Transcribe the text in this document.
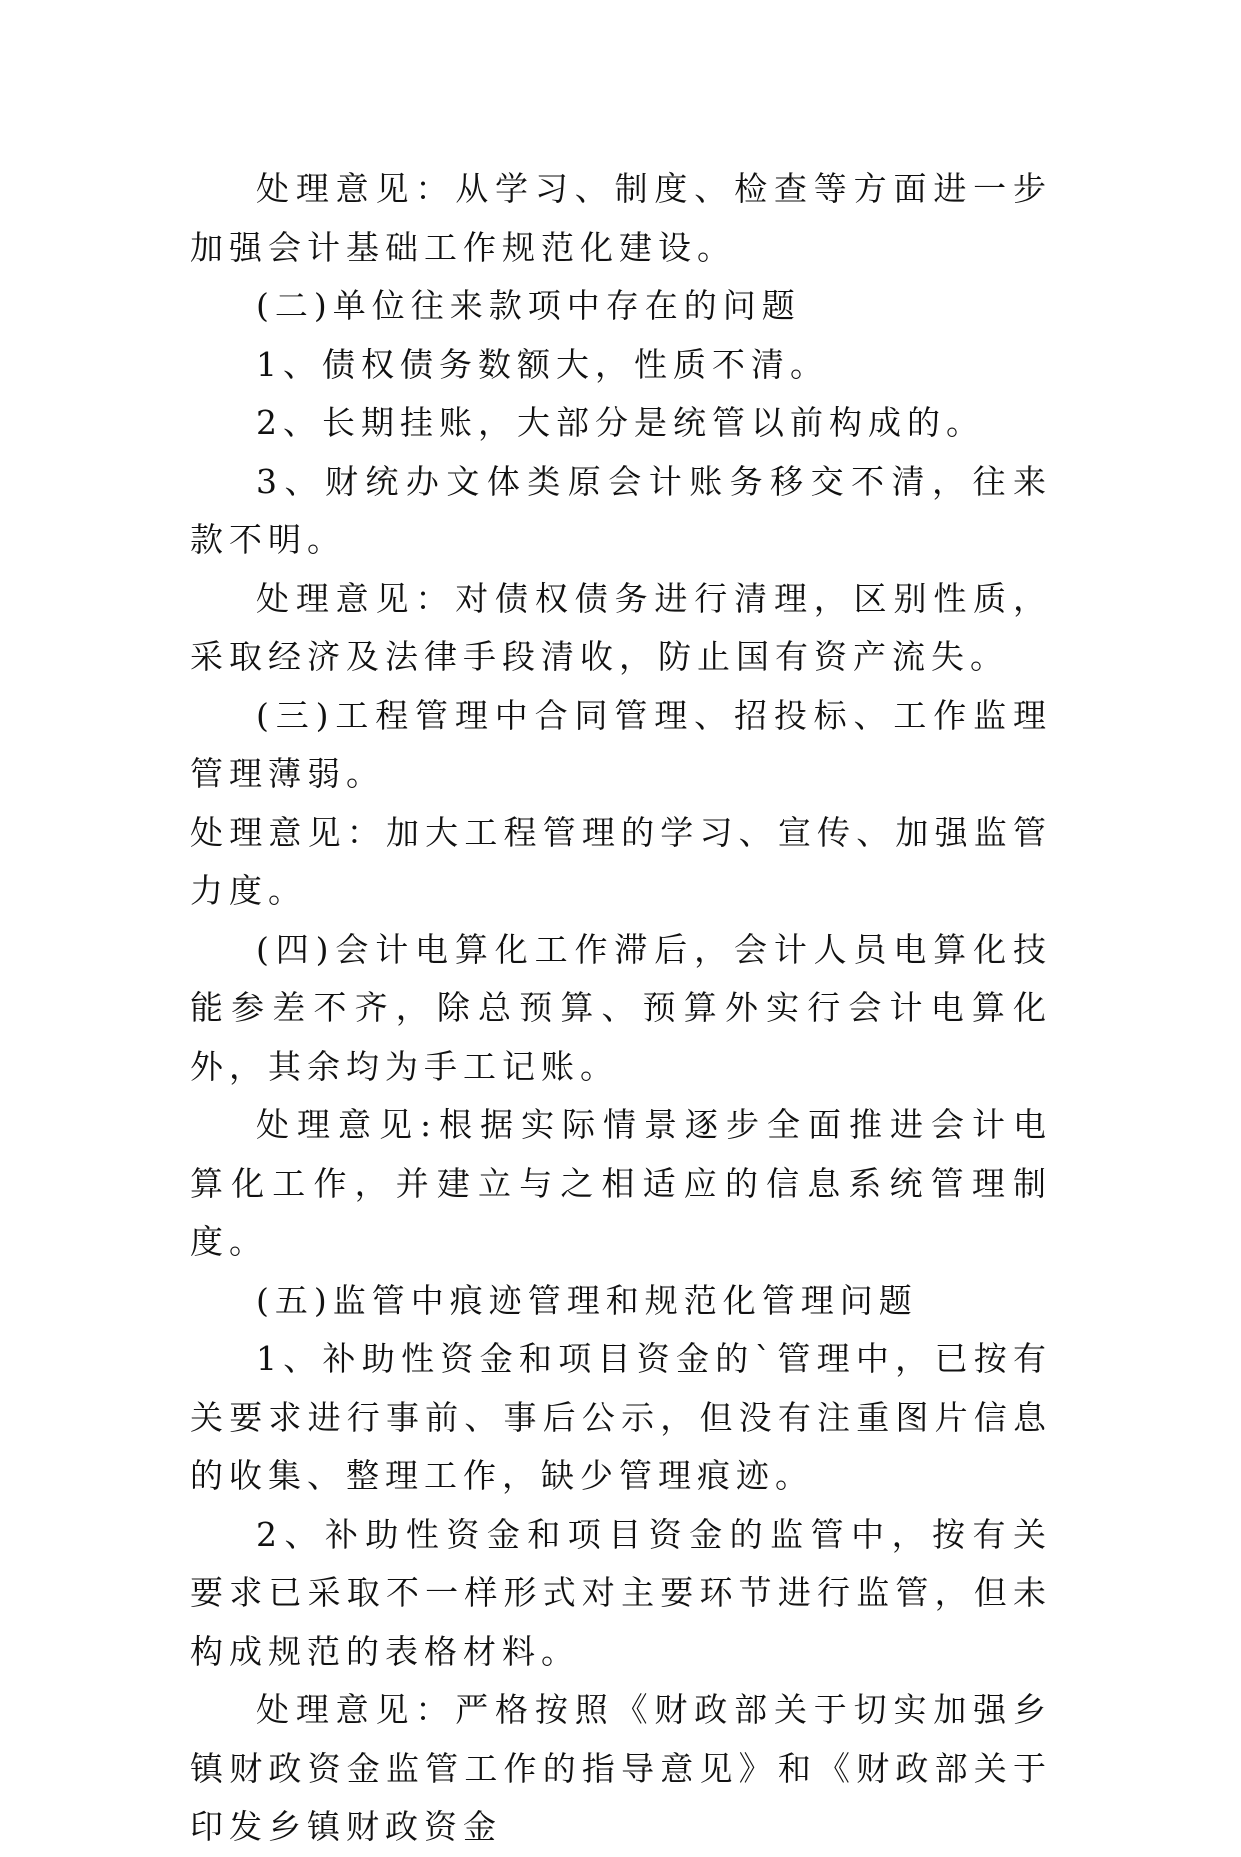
处理意见：从学习、制度、检查等方面进一步加强会计基础工作规范化建设。

(二)单位往来款项中存在的问题

1、债权债务数额大，性质不清。

2、长期挂账，大部分是统管以前构成的。

3、财统办文体类原会计账务移交不清，往来款不明。

处理意见：对债权债务进行清理，区别性质，采取经济及法律手段清收，防止国有资产流失。

(三)工程管理中合同管理、招投标、工作监理管理薄弱。

处理意见：加大工程管理的学习、宣传、加强监管力度。

(四)会计电算化工作滞后，会计人员电算化技能参差不齐，除总预算、预算外实行会计电算化外，其余均为手工记账。

处理意见:根据实际情景逐步全面推进会计电算化工作，并建立与之相适应的信息系统管理制度。

(五)监管中痕迹管理和规范化管理问题

1、补助性资金和项目资金的`管理中，已按有关要求进行事前、事后公示，但没有注重图片信息的收集、整理工作，缺少管理痕迹。

2、补助性资金和项目资金的监管中，按有关要求已采取不一样形式对主要环节进行监管，但未构成规范的表格材料。

处理意见：严格按照《财政部关于切实加强乡镇财政资金监管工作的指导意见》和《财政部关于印发乡镇财政资金
